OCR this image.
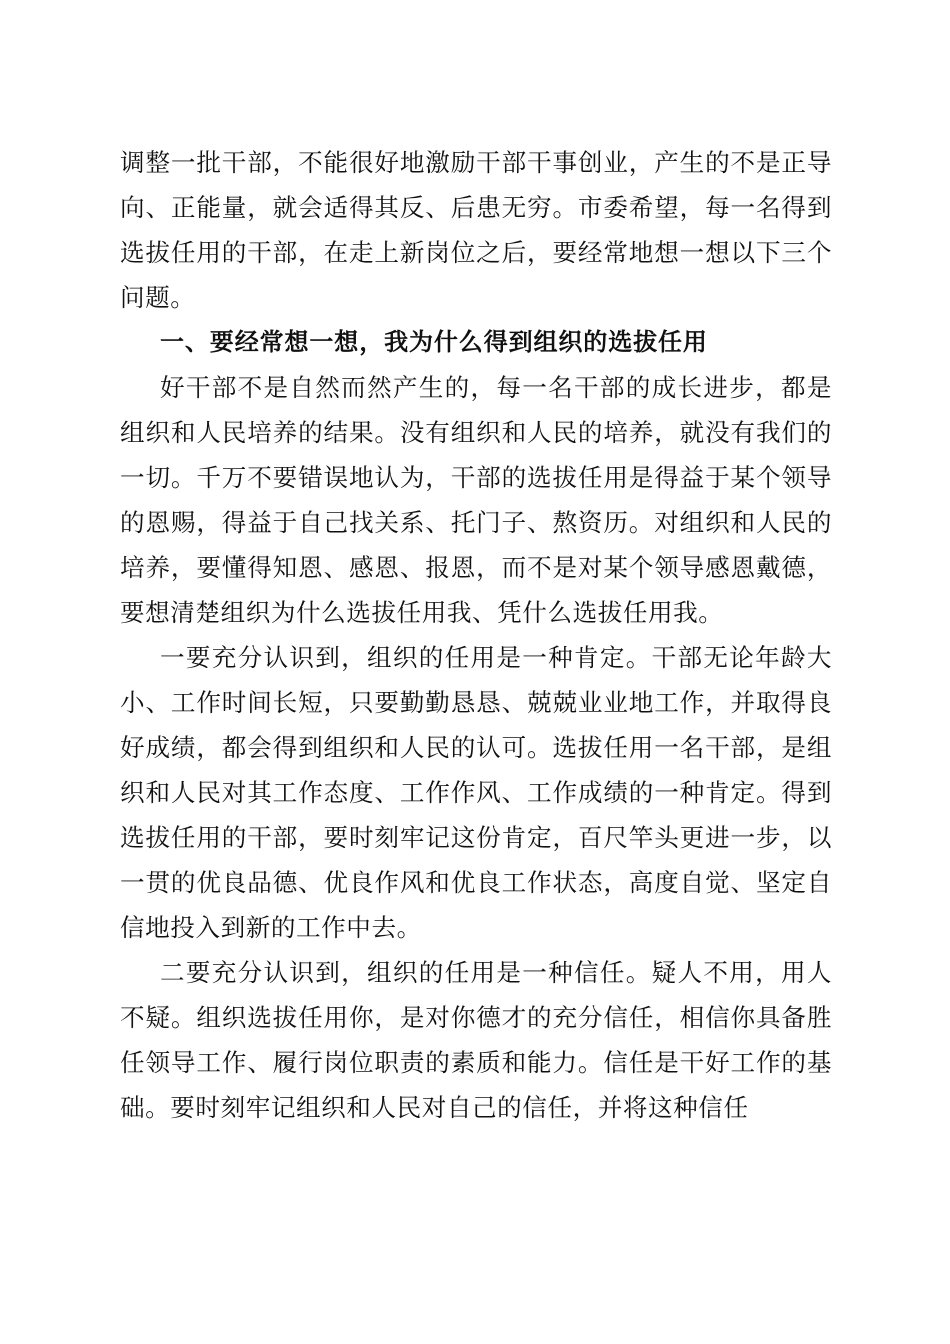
调整一批干部，不能很好地激励干部干事创业，产生的不是正导向、正能量，就会适得其反、后患无穷。市委希望，每一名得到选拔任用的干部，在走上新岗位之后，要经常地想一想以下三个问题。

一、要经常想一想，我为什么得到组织的选拔任用

好干部不是自然而然产生的，每一名干部的成长进步，都是组织和人民培养的结果。没有组织和人民的培养，就没有我们的一切。千万不要错误地认为，干部的选拔任用是得益于某个领导的恩赐，得益于自己找关系、托门子、熬资历。对组织和人民的培养，要懂得知恩、感恩、报恩，而不是对某个领导感恩戴德，要想清楚组织为什么选拔任用我、凭什么选拔任用我。

一要充分认识到，组织的任用是一种肯定。干部无论年龄大小、工作时间长短，只要勤勤恳恳、兢兢业业地工作，并取得良好成绩，都会得到组织和人民的认可。选拔任用一名干部，是组织和人民对其工作态度、工作作风、工作成绩的一种肯定。得到选拔任用的干部，要时刻牢记这份肯定，百尺竿头更进一步，以一贯的优良品德、优良作风和优良工作状态，高度自觉、坚定自信地投入到新的工作中去。

二要充分认识到，组织的任用是一种信任。疑人不用，用人不疑。组织选拔任用你，是对你德才的充分信任，相信你具备胜任领导工作、履行岗位职责的素质和能力。信任是干好工作的基础。要时刻牢记组织和人民对自己的信任，并将这种信任
